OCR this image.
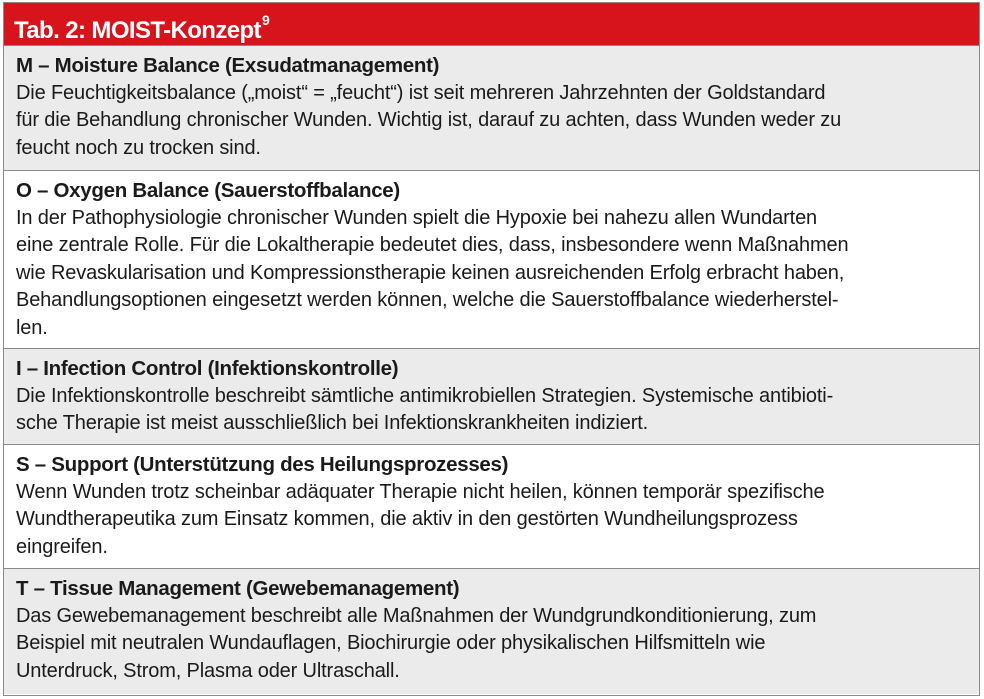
Tab. 2: MOIST-Konzept$^9$
M – Moisture Balance (Exsudatmanagement)
Die Feuchtigkeitsbalance („moist“ = „feucht“) ist seit mehreren Jahrzehnten der Goldstandard
für die Behandlung chronischer Wunden. Wichtig ist, darauf zu achten, dass Wunden weder zu
feucht noch zu trocken sind.
O – Oxygen Balance (Sauerstoffbalance)
In der Pathophysiologie chronischer Wunden spielt die Hypoxie bei nahezu allen Wundarten
eine zentrale Rolle. Für die Lokaltherapie bedeutet dies, dass, insbesondere wenn Maßnahmen
wie Revaskularisation und Kompressionstherapie keinen ausreichenden Erfolg erbracht haben,
Behandlungsoptionen eingesetzt werden können, welche die Sauerstoffbalance wiederherstel-
len.
I – Infection Control (Infektionskontrolle)
Die Infektionskontrolle beschreibt sämtliche antimikrobiellen Strategien. Systemische antibioti-
sche Therapie ist meist ausschließlich bei Infektionskrankheiten indiziert.
S – Support (Unterstützung des Heilungsprozesses)
Wenn Wunden trotz scheinbar adäquater Therapie nicht heilen, können temporär spezifische
Wundtherapeutika zum Einsatz kommen, die aktiv in den gestörten Wundheilungsprozess
eingreifen.
T – Tissue Management (Gewebemanagement)
Das Gewebemanagement beschreibt alle Maßnahmen der Wundgrundkonditionierung, zum
Beispiel mit neutralen Wundauflagen, Biochirurgie oder physikalischen Hilfsmitteln wie
Unterdruck, Strom, Plasma oder Ultraschall.
